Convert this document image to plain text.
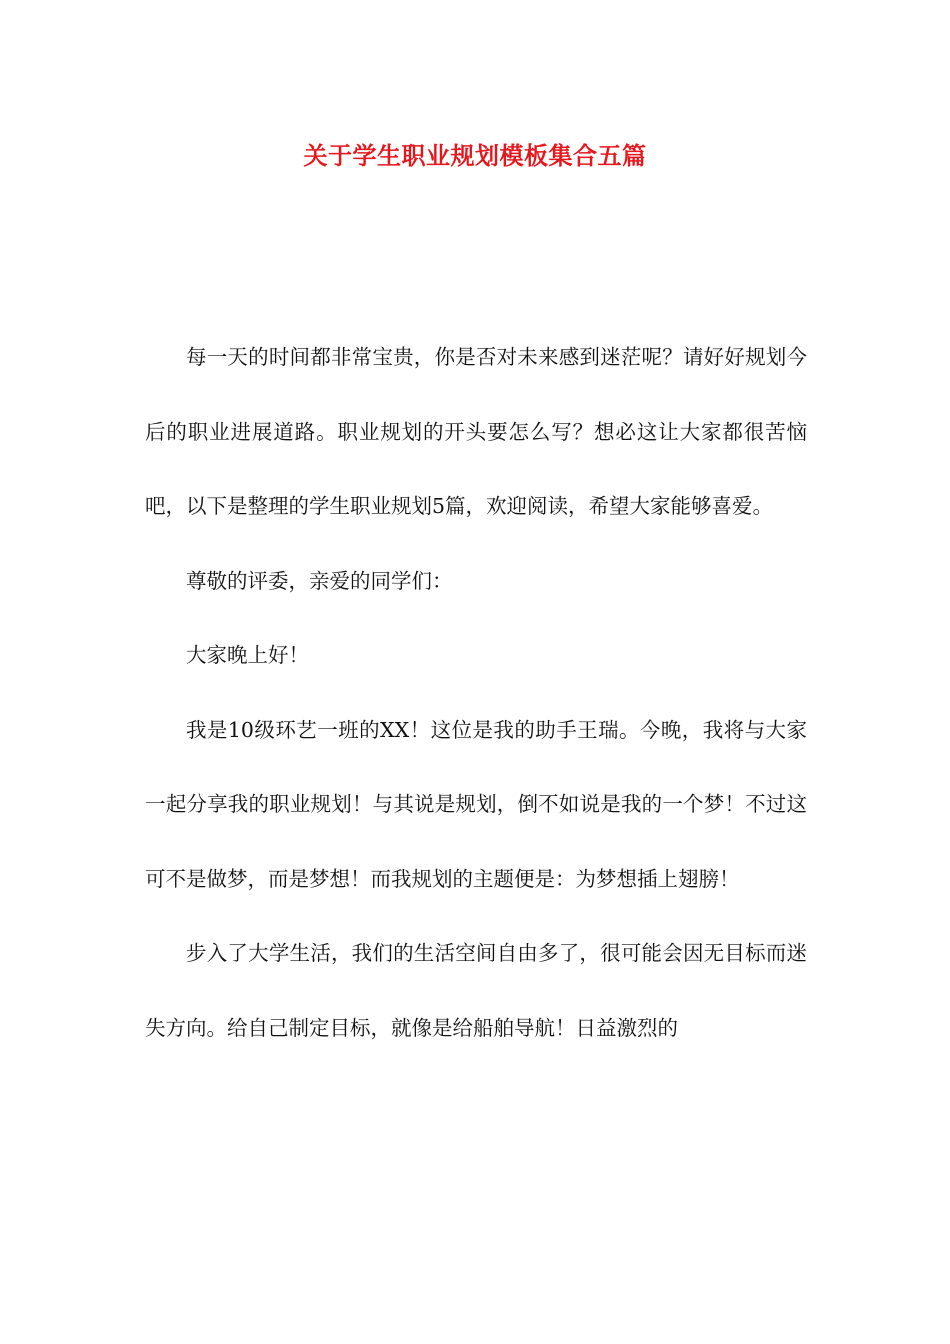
关于学生职业规划模板集合五篇

每一天的时间都非常宝贵，你是否对未来感到迷茫呢？请好好规划今后的职业进展道路。职业规划的开头要怎么写？想必这让大家都很苦恼吧，以下是整理的学生职业规划5篇，欢迎阅读，希望大家能够喜爱。

尊敬的评委，亲爱的同学们：

大家晚上好！

我是10级环艺一班的XX！这位是我的助手王瑞。今晚，我将与大家一起分享我的职业规划！与其说是规划，倒不如说是我的一个梦！不过这可不是做梦，而是梦想！而我规划的主题便是：为梦想插上翅膀！

步入了大学生活，我们的生活空间自由多了，很可能会因无目标而迷失方向。给自己制定目标，就像是给船舶导航！日益激烈的
